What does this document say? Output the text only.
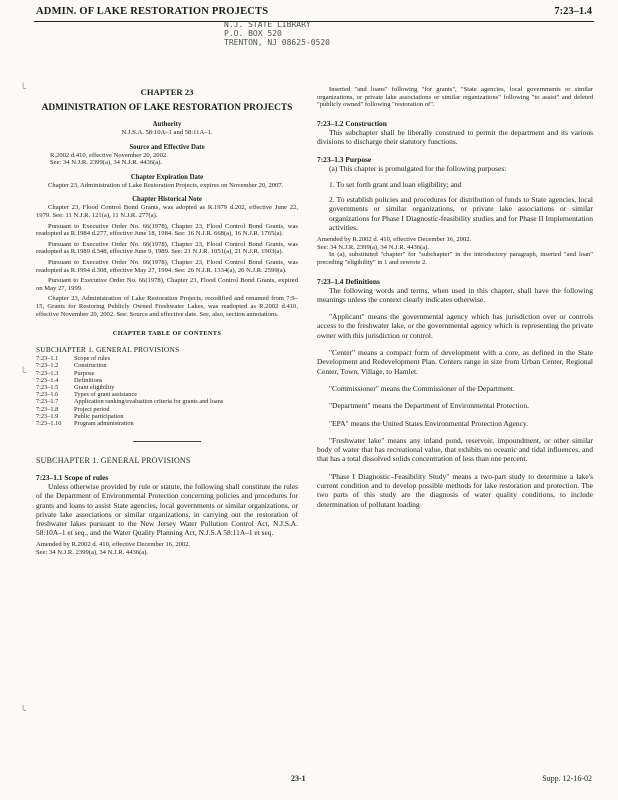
ADMIN. OF LAKE RESTORATION PROJECTS	7:23–1.4
N.J. STATE LIBRARY
P.O. BOX 520
TRENTON, NJ 08625-0520
╰
╰
╰
CHAPTER 23
ADMINISTRATION OF LAKE RESTORATION PROJECTS
Authority
N.J.S.A. 58:10A–1 and 58:11A–1.
Source and Effective Date
R.2002 d.410, effective November 20, 2002.
See: 34 N.J.R. 2399(a), 34 N.J.R. 4436(a).
Chapter Expiration Date

Chapter 23, Administration of Lake Restoration Projects, expires on November 20, 2007.

Chapter Historical Note

Chapter 23, Flood Control Bond Grants, was adopted as R.1979 d.202, effective June 22, 1979. See: 11 N.J.R. 121(a), 11 N.J.R. 277(a).

Pursuant to Executive Order No. 66(1978), Chapter 23, Flood Control Bond Grants, was readopted as R.1984 d.277, effective June 18, 1984. See: 16 N.J.R. 668(a), 16 N.J.R. 1765(a).

Pursuant to Executive Order No. 66(1978), Chapter 23, Flood Control Bond Grants, was readopted as R.1989 d.348, effective June 9, 1989. See: 21 N.J.R. 1051(a), 21 N.J.R. 1903(a).

Pursuant to Executive Order No. 66(1978), Chapter 23, Flood Control Bond Grants, was readopted as R.1994 d.308, effective May 27, 1994. See: 26 N.J.R. 1334(a), 26 N.J.R. 2599(a).

Pursuant to Executive Order No. 66(1978), Chapter 23, Flood Control Bond Grants, expired on May 27, 1999.

Chapter 23, Administration of Lake Restoration Projects, recodified and renamed from 7:9–15, Grants for Restoring Publicly Owned Freshwater Lakes, was readopted as R.2002 d.410, effective November 20, 2002. See: Source and effective date. See, also, section annotations.

CHAPTER TABLE OF CONTENTS
SUBCHAPTER 1. GENERAL PROVISIONS
7:23–1.1	Scope of rules
7:23–1.2	Construction
7:23–1.3	Purpose
7:23–1.4	Definitions
7:23–1.5	Grant eligibility
7:23–1.6	Types of grant assistance
7:23–1.7	Application ranking/evaluation criteria for grants and loans
7:23–1.8	Project period
7:23–1.9	Public participation
7:23–1.10	Program administration
SUBCHAPTER 1. GENERAL PROVISIONS
7:23–1.1 Scope of rules

Unless otherwise provided by rule or statute, the following shall constitute the rules of the Department of Environmental Protection concerning policies and procedures for grants and loans to assist State agencies, local governments or similar organizations, or private lake associations or similar organizations, in carrying out the restoration of freshwater lakes pursuant to the New Jersey Water Pollution Control Act, N.J.S.A. 58:10A–1 et seq., and the Water Quality Planning Act, N.J.S.A 58:11A–1 et seq.

Amended by R.2002 d. 410, effective December 16, 2002.
See: 34 N.J.R. 2399(a), 34 N.J.R. 4436(a).

Inserted "and loans" following "for grants", "State agencies, local governments or similar organizations, or private lake associations or similar organizations" following "to assist" and deleted "publicly owned" following "restoration of".

7:23–1.2 Construction

This subchapter shall be liberally construed to permit the department and its various divisions to discharge their statutory functions.

7:23–1.3 Purpose

(a) This chapter is promulgated for the following purposes:

1. To set forth grant and loan eligibility; and

2. To establish policies and procedures for distribution of funds to State agencies, local governments or similar organizations, or private lake associations or similar organizations for Phase I Diagnostic-feasibility studies and for Phase II Implementation activities.

Amended by R.2002 d. 410, effective December 16, 2002.
See: 34 N.J.R. 2399(a), 34 N.J.R. 4436(a).

In (a), substituted "chapter" for "subchapter" in the introductory paragraph, inserted "and loan" preceding "eligibility" in 1 and rewrote 2.

7:23–1.4 Definitions

The following words and terms, when used in this chapter, shall have the following meanings unless the context clearly indicates otherwise.

"Applicant" means the governmental agency which has jurisdiction over or controls access to the freshwater lake, or the governmental agency which is representing the private owner with this jurisdiction or control.

"Center" means a compact form of development with a core, as defined in the State Development and Redevelopment Plan. Centers range in size from Urban Center, Regional Center, Town, Village, to Hamlet.

"Commissioner" means the Commissioner of the Department.

"Department" means the Department of Environmental Protection.

"EPA" means the United States Environmental Protection Agency.

"Freshwater lake" means any inland pond, reservoir, impoundment, or other similar body of water that has recreational value, that exhibits no oceanic and tidal influences, and that has a total dissolved solids concentration of less than one percent.

"Phase I Diagnostic–Feasibility Study" means a two-part study to determine a lake's current condition and to develop possible methods for lake restoration and protection. The two parts of this study are the diagnosis of water quality conditions, to include determination of pollutant loading

23-1	Supp. 12-16-02
